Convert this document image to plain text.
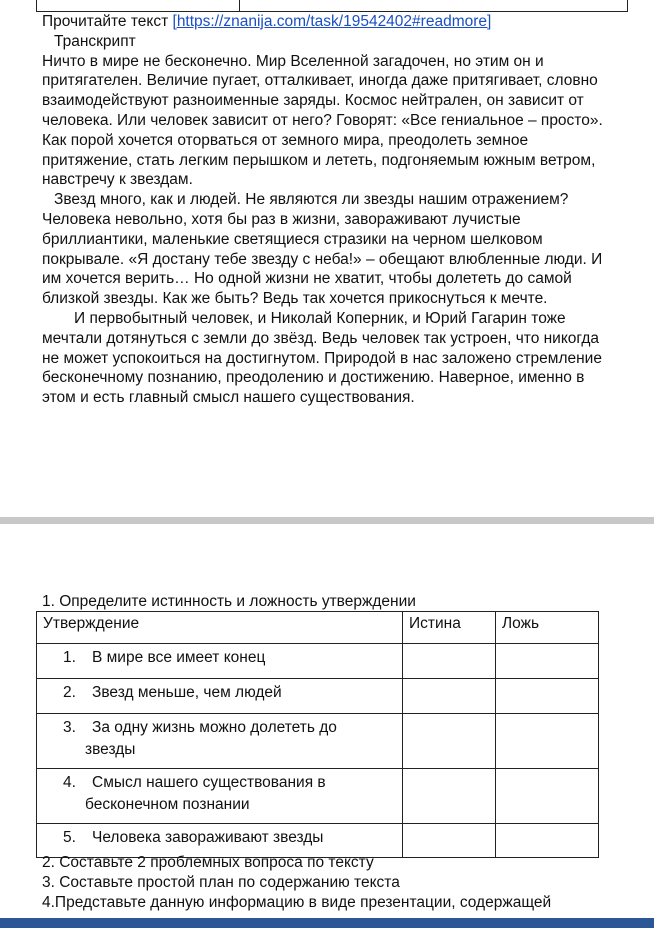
Прочитайте текст [https://znanija.com/task/19542402#readmore]
Транскрипт

Ничто в мире не бесконечно. Мир Вселенной загадочен, но этим он и притягателен. Величие пугает, отталкивает, иногда даже притягивает, словно взаимодействуют разноименные заряды. Космос нейтрален, он зависит от человека. Или человек зависит от него? Говорят: «Все гениальное – просто». Как порой хочется оторваться от земного мира, преодолеть земное притяжение, стать легким перышком и лететь, подгоняемым южным ветром, навстречу к звездам.

Звезд много, как и людей. Не являются ли звезды нашим отражением? Человека невольно, хотя бы раз в жизни, завораживают лучистые бриллиантики, маленькие светящиеся стразики на черном шелковом покрывале. «Я достану тебе звезду с неба!» – обещают влюбленные люди. И им хочется верить… Но одной жизни не хватит, чтобы долететь до самой близкой звезды. Как же быть? Ведь так хочется прикоснуться к мечте.

И первобытный человек, и Николай Коперник, и Юрий Гагарин тоже мечтали дотянуться с земли до звёзд. Ведь человек так устроен, что никогда не может успокоиться на достигнутом. Природой в нас заложено стремление бесконечному познанию, преодолению и достижению. Наверное, именно в этом и есть главный смысл нашего существования.

1. Определите истинность и ложность утверждении
Утверждение	Истина	Ложь
1. В мире все имеет конец		
2. Звезд меньше, чем людей		
3. За одну жизнь можно долететь до
звезды		

4. Смысл нашего существования в
бесконечном познании		

5. Человека завораживают звезды		
2. Составьте 2 проблемных вопроса по тексту
3. Составьте простой план по содержанию текста
4.Представьте данную информацию в виде презентации, содержащей
